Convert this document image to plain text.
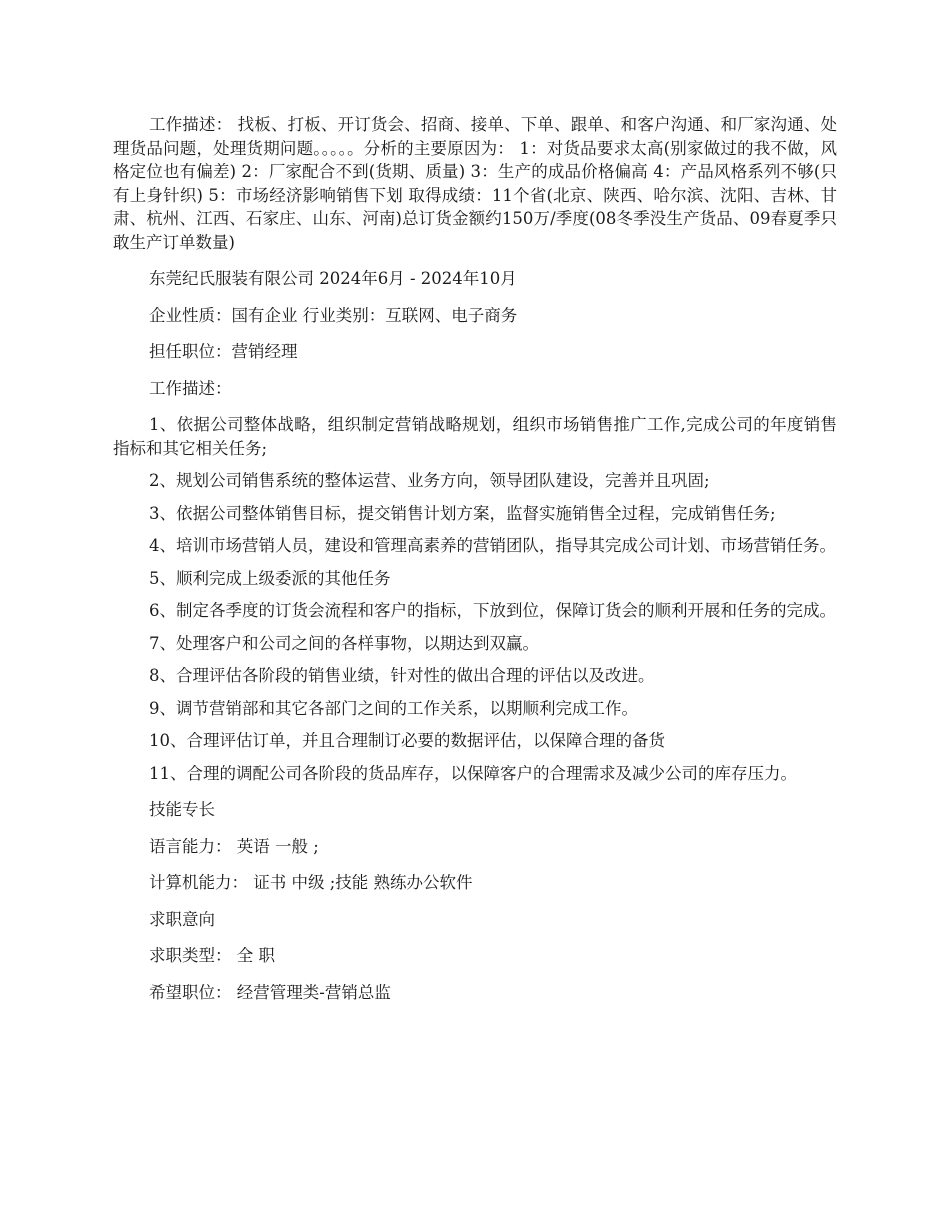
工作描述： 找板、打板、开订货会、招商、接单、下单、跟单、和客户沟通、和厂家沟通、处理货品问题，处理货期问题。。。。。分析的主要原因为： 1：对货品要求太高(别家做过的我不做，风格定位也有偏差) 2：厂家配合不到(货期、质量) 3：生产的成品价格偏高 4：产品风格系列不够(只有上身针织) 5：市场经济影响销售下划 取得成绩：11个省(北京、陕西、哈尔滨、沈阳、吉林、甘肃、杭州、江西、石家庄、山东、河南)总订货金额约150万/季度(08冬季没生产货品、09春夏季只敢生产订单数量)

东莞纪氏服装有限公司 2024年6月 - 2024年10月

企业性质：国有企业 行业类别：互联网、电子商务

担任职位：营销经理

工作描述：

1、依据公司整体战略，组织制定营销战略规划，组织市场销售推广工作,完成公司的年度销售指标和其它相关任务;

2、规划公司销售系统的整体运营、业务方向，领导团队建设，完善并且巩固;

3、依据公司整体销售目标，提交销售计划方案，监督实施销售全过程，完成销售任务;

4、培训市场营销人员，建设和管理高素养的营销团队，指导其完成公司计划、市场营销任务。

5、顺利完成上级委派的其他任务

6、制定各季度的订货会流程和客户的指标，下放到位，保障订货会的顺利开展和任务的完成。

7、处理客户和公司之间的各样事物，以期达到双赢。

8、合理评估各阶段的销售业绩，针对性的做出合理的评估以及改进。

9、调节营销部和其它各部门之间的工作关系，以期顺利完成工作。

10、合理评估订单，并且合理制订必要的数据评估，以保障合理的备货

11、合理的调配公司各阶段的货品库存，以保障客户的合理需求及减少公司的库存压力。

技能专长

语言能力： 英语 一般 ;

计算机能力： 证书 中级 ;技能 熟练办公软件

求职意向

求职类型： 全 职

希望职位： 经营管理类-营销总监
